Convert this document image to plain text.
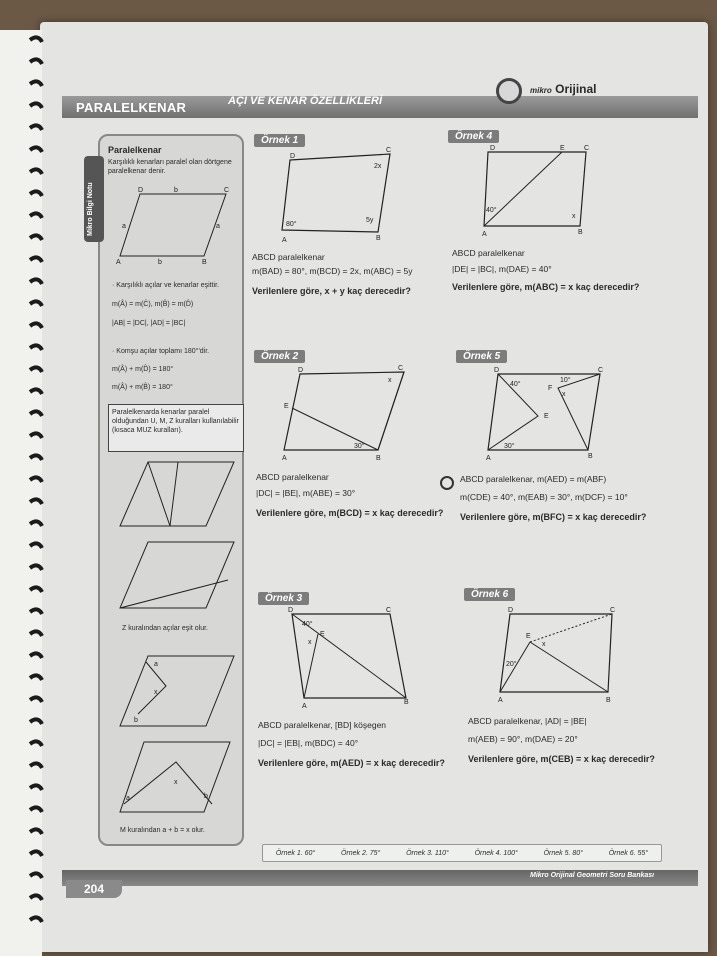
PARALELKENAR	AÇI VE KENAR ÖZELLİKLERİ
mikro Orijinal
Mikro Bilgi Notu
Paralelkenar
Karşılıklı kenarları paralel olan dörtgene paralelkenar denir.
D	b	C
a	a
A	b	B
· Karşılıklı açılar ve kenarlar eşittir.
m(Â) = m(Ĉ), m(B̂) = m(D̂)
|AB| = |DC|, |AD| = |BC|
· Komşu açılar toplamı 180°'dir.
m(Â) + m(D̂) = 180°
m(Â) + m(B̂) = 180°
Paralelkenarda kenarlar paralel olduğundan U, M, Z kuralları kullanılabilir (kısaca MUZ kuralları).
Z kuralından açılar eşit olur.
a
x
b
a
x
b
M kuralından a + b = x olur.
Örnek 1
D
C
2x
80°
5y
A	B
ABCD paralelkenar
m(BAD) = 80°, m(BCD) = 2x, m(ABC) = 5y
Verilenlere göre, x + y kaç derecedir?
Örnek 2
D	C
x
E
30°
A	B
ABCD paralelkenar
|DC| = |BE|, m(ABE) = 30°
Verilenlere göre, m(BCD) = x kaç derecedir?
Örnek 3
D	C
40°
E
x
A
B
ABCD paralelkenar, [BD] köşegen
|DC| = |EB|, m(BDC) = 40°
Verilenlere göre, m(AED) = x kaç derecedir?
Örnek 4
D	E	C
40°
x
A	B
ABCD paralelkenar
|DE| = |BC|, m(DAE) = 40°
Verilenlere göre, m(ABC) = x kaç derecedir?
Örnek 5
D	C
40°
10°
F
x
E
30°
A	B
ABCD paralelkenar, m(AED) = m(ABF)
m(CDE) = 40°, m(EAB) = 30°, m(DCF) = 10°
Verilenlere göre, m(BFC) = x kaç derecedir?
Örnek 6
D	C
E
x
20°
A	B
ABCD paralelkenar, |AD| = |BE|
m(AEB) = 90°, m(DAE) = 20°
Verilenlere göre, m(CEB) = x kaç derecedir?
Örnek 1. 60°	Örnek 2. 75°	Örnek 3. 110°	Örnek 4. 100°	Örnek 5. 80°	Örnek 6. 55°
204
Mikro Orijinal Geometri Soru Bankası
